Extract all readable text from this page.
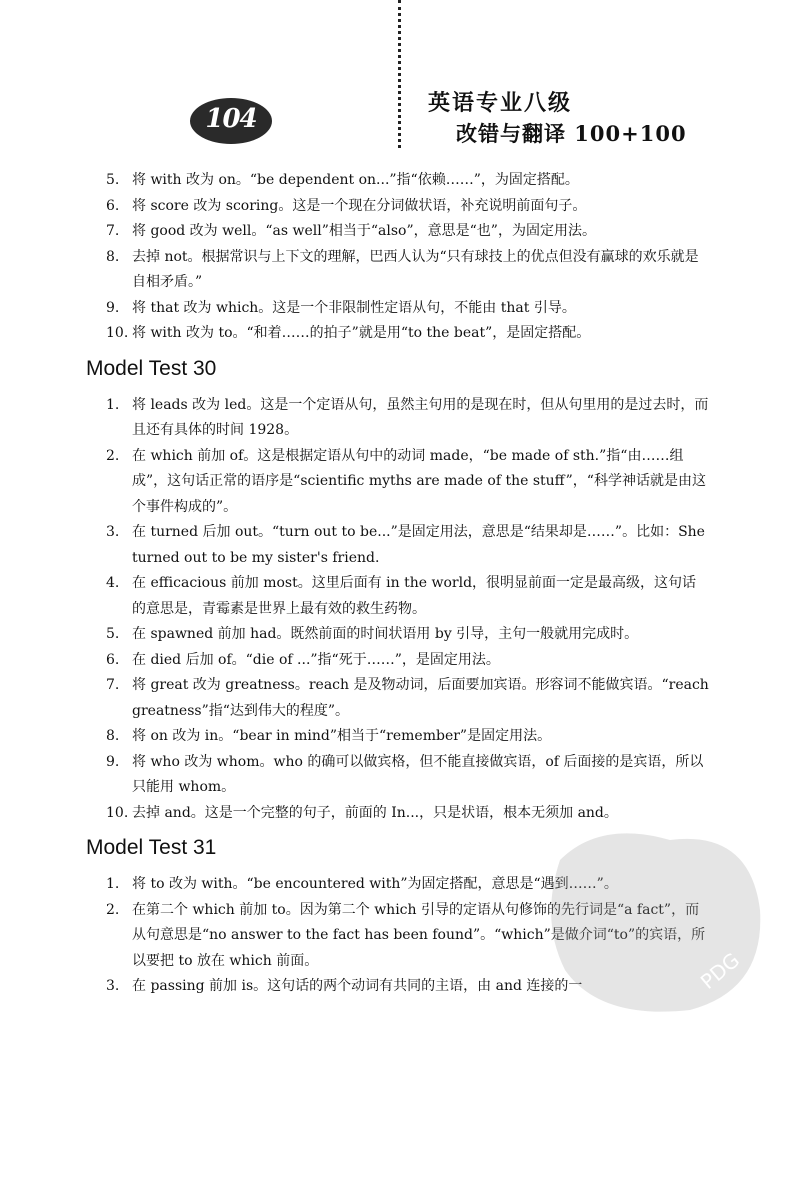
104
英语专业八级
改错与翻译 100+100
5. 将 with 改为 on。“be dependent on...”指“依赖……”，为固定搭配。
6. 将 score 改为 scoring。这是一个现在分词做状语，补充说明前面句子。
7. 将 good 改为 well。“as well”相当于“also”，意思是“也”，为固定用法。
8. 去掉 not。根据常识与上下文的理解，巴西人认为“只有球技上的优点但没有赢球的欢乐就是自相矛盾。”
9. 将 that 改为 which。这是一个非限制性定语从句，不能由 that 引导。
10. 将 with 改为 to。“和着……的拍子”就是用“to the beat”，是固定搭配。
Model Test 30
1. 将 leads 改为 led。这是一个定语从句，虽然主句用的是现在时，但从句里用的是过去时，而且还有具体的时间 1928。
2. 在 which 前加 of。这是根据定语从句中的动词 made，“be made of sth.”指“由……组成”，这句话正常的语序是“scientific myths are made of the stuff”，“科学神话就是由这个事件构成的”。
3. 在 turned 后加 out。“turn out to be...”是固定用法，意思是“结果却是……”。比如：She turned out to be my sister's friend.
4. 在 efficacious 前加 most。这里后面有 in the world，很明显前面一定是最高级，这句话的意思是，青霉素是世界上最有效的救生药物。
5. 在 spawned 前加 had。既然前面的时间状语用 by 引导，主句一般就用完成时。
6. 在 died 后加 of。“die of ...”指“死于……”，是固定用法。
7. 将 great 改为 greatness。reach 是及物动词，后面要加宾语。形容词不能做宾语。“reach greatness”指“达到伟大的程度”。
8. 将 on 改为 in。“bear in mind”相当于“remember”是固定用法。
9. 将 who 改为 whom。who 的确可以做宾格，但不能直接做宾语，of 后面接的是宾语，所以只能用 whom。
10. 去掉 and。这是一个完整的句子，前面的 In...，只是状语，根本无须加 and。
Model Test 31
1. 将 to 改为 with。“be encountered with”为固定搭配，意思是“遇到……”。
2. 在第二个 which 前加 to。因为第二个 which 引导的定语从句修饰的先行词是“a fact”，而从句意思是“no answer to the fact has been found”。“which”是做介词“to”的宾语，所以要把 to 放在 which 前面。
3. 在 passing 前加 is。这句话的两个动词有共同的主语，由 and 连接的一	PDG
